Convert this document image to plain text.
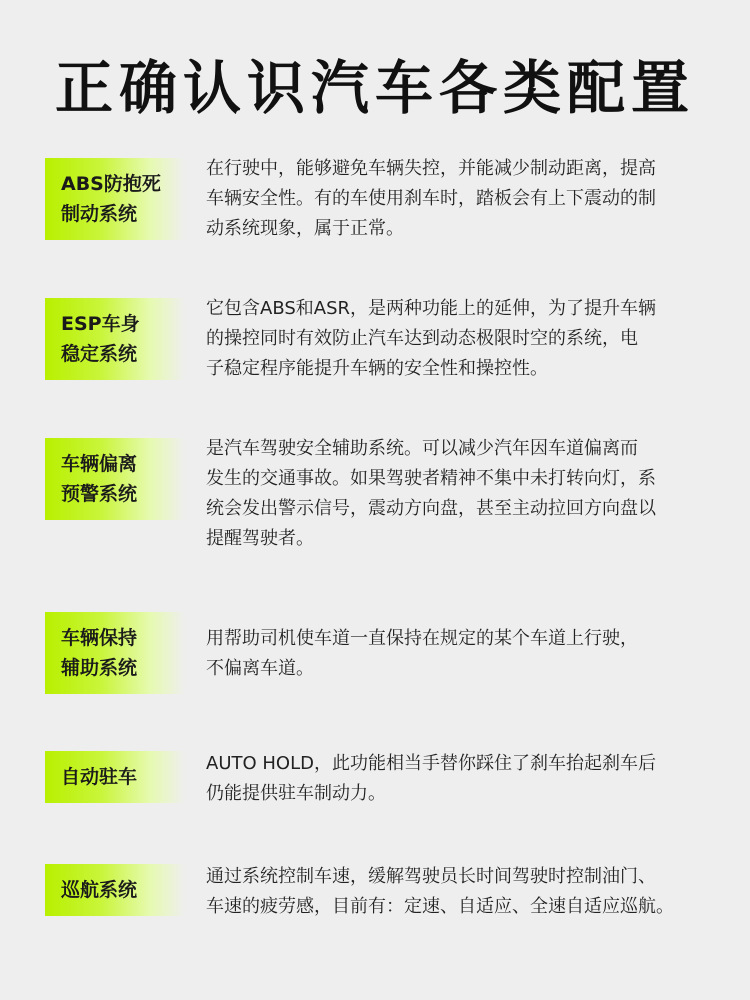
正确认识汽车各类配置
ABS防抱死
制动系统
在行驶中，能够避免车辆失控，并能减少制动距离，提高
车辆安全性。有的车使用刹车时，踏板会有上下震动的制
动系统现象，属于正常。
ESP车身
稳定系统
它包含ABS和ASR，是两种功能上的延伸，为了提升车辆
的操控同时有效防止汽车达到动态极限时空的系统，电
子稳定程序能提升车辆的安全性和操控性。
车辆偏离
预警系统
是汽车驾驶安全辅助系统。可以减少汽年因车道偏离而
发生的交通事故。如果驾驶者精神不集中未打转向灯，系
统会发出警示信号，震动方向盘，甚至主动拉回方向盘以
提醒驾驶者。
车辆保持
辅助系统
用帮助司机使车道一直保持在规定的某个车道上行驶，
不偏离车道。
自动驻车
AUTO HOLD，此功能相当手替你踩住了刹车抬起刹车后
仍能提供驻车制动力。
巡航系统
通过系统控制车速，缓解驾驶员长时间驾驶时控制油门、
车速的疲劳感，目前有：定速、自适应、全速自适应巡航。
